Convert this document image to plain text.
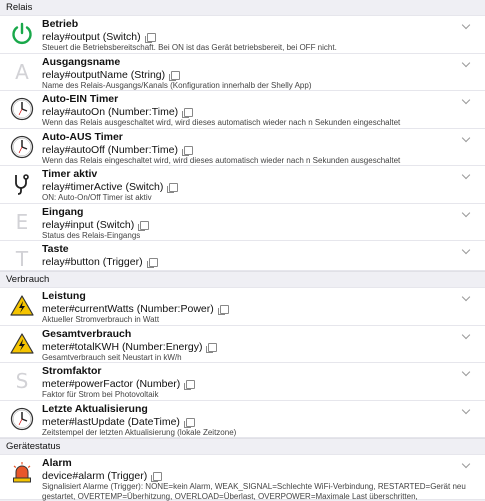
Relais
Betrieb
relay#output (Switch)
Steuert die Betriebsbereitschaft. Bei ON ist das Gerät betriebsbereit, bei OFF nicht.
A Ausgangsname
relay#outputName (String)
Name des Relais-Ausgangs/Kanals (Konfiguration innerhalb der Shelly App)
Auto-EIN Timer
relay#autoOn (Number:Time)
Wenn das Relais ausgeschaltet wird, wird dieses automatisch wieder nach n Sekunden eingeschaltet
Auto-AUS Timer
relay#autoOff (Number:Time)
Wenn das Relais eingeschaltet wird, wird dieses automatisch wieder nach n Sekunden ausgeschaltet
Timer aktiv
relay#timerActive (Switch)
ON: Auto-On/Off Timer ist aktiv
E Eingang
relay#input (Switch)
Status des Relais-Eingangs
T Taste
relay#button (Trigger)
Verbrauch
Leistung
meter#currentWatts (Number:Power)
Aktueller Stromverbrauch in Watt
Gesamtverbrauch
meter#totalKWH (Number:Energy)
Gesamtverbrauch seit Neustart in kW/h
S Stromfaktor
meter#powerFactor (Number)
Faktor für Strom bei Photovoltaik
Letzte Aktualisierung
meter#lastUpdate (DateTime)
Zeitstempel der letzten Aktualisierung (lokale Zeitzone)
Gerätestatus
Alarm
device#alarm (Trigger)
Signalisiert Alarme (Trigger): NONE=kein Alarm, WEAK_SIGNAL=Schlechte WiFi-Verbindung, RESTARTED=Gerät neu gestartet, OVERTEMP=Überhitzung, OVERLOAD=Überlast, OVERPOWER=Maximale Last überschritten,
